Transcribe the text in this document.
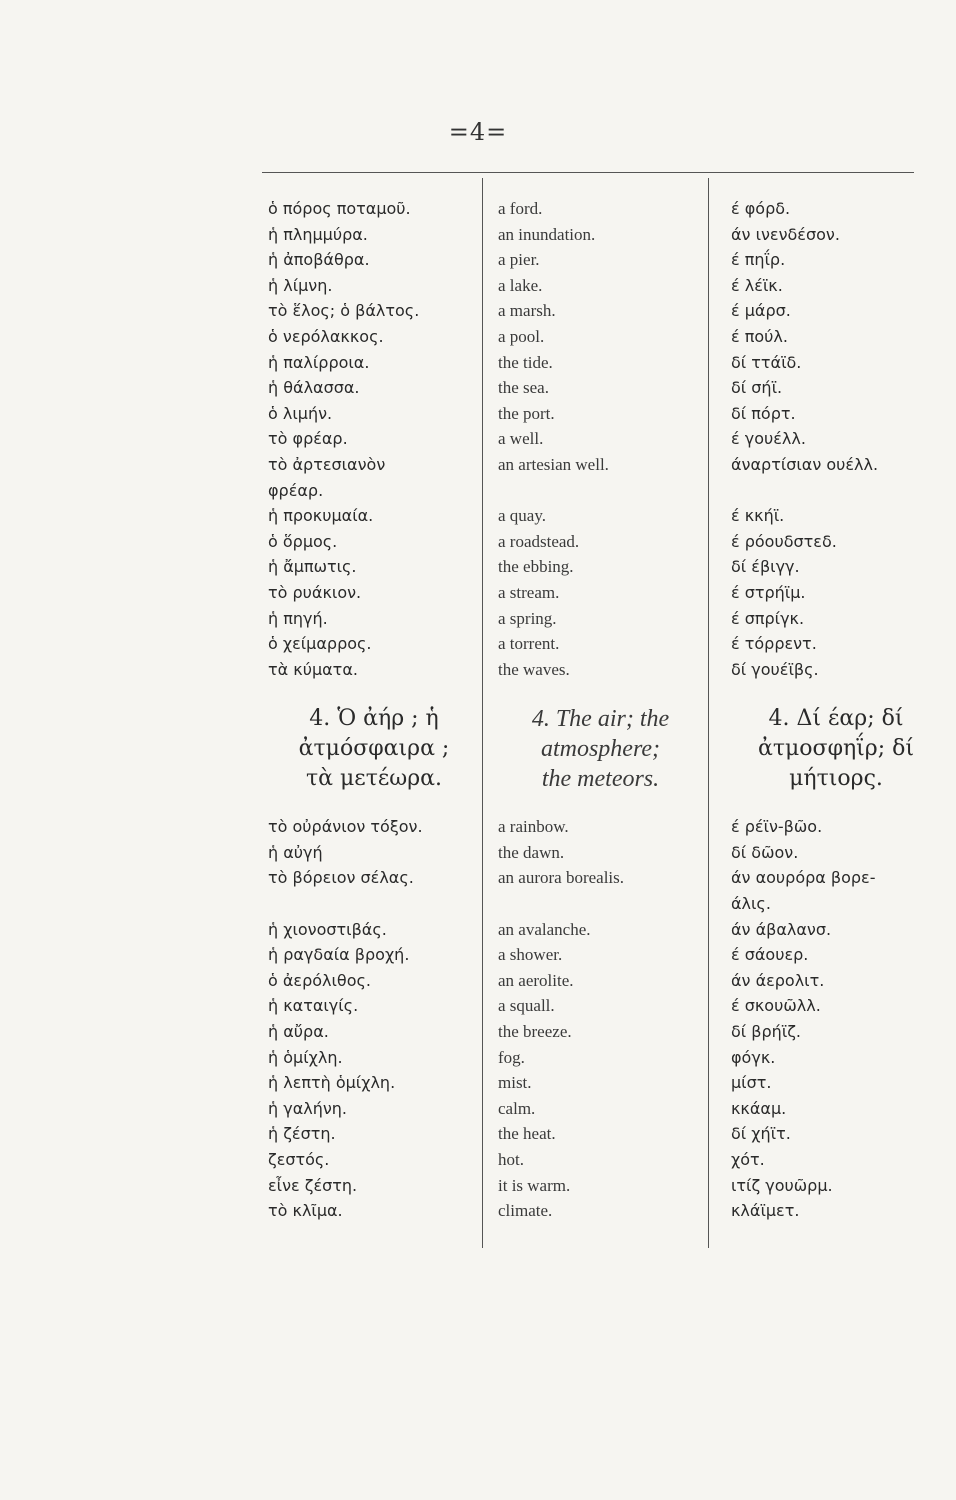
=4=
ὁ πόρος ποταμοῦ.
ἡ πλημμύρα.
ἡ ἀποβάθρα.
ἡ λίμνη.
τὸ ἕλος; ὁ βάλτος.
ὁ νερόλακκος.
ἡ παλίρροια.
ἡ θάλασσα.
ὁ λιμήν.
τὸ φρέαρ.
τὸ ἀρτεσιανὸν
φρέαρ.
ἡ προκυμαία.
ὁ ὅρμος.
ἡ ἄμπωτις.
τὸ ρυάκιον.
ἡ πηγή.
ὁ χείμαρρος.
τὰ κύματα.
4. Ὁ ἀήρ ; ἡ
ἀτμόσφαιρα ;
τὰ μετέωρα.
τὸ οὐράνιον τόξον.
ἡ αὐγή
τὸ βόρειον σέλας.
ἡ χιονοστιβάς.
ἡ ραγδαία βροχή.
ὁ ἀερόλιθος.
ἡ καταιγίς.
ἡ αὔρα.
ἡ ὁμίχλη.
ἡ λεπτὴ ὁμίχλη.
ἡ γαλήνη.
ἡ ζέστη.
ζεστός.
εἶνε ζέστη.
τὸ κλῖμα.
a ford.
an inundation.
a pier.
a lake.
a marsh.
a pool.
the tide.
the sea.
the port.
a well.
an artesian well.
a quay.
a roadstead.
the ebbing.
a stream.
a spring.
a torrent.
the waves.
4. The air; the
atmosphere;
the meteors.
a rainbow.
the dawn.
an aurora borealis.
an avalanche.
a shower.
an aerolite.
a squall.
the breeze.
fog.
mist.
calm.
the heat.
hot.
it is warm.
climate.
έ φόρδ.
άν ινενδέσον.
έ πηΐρ.
έ λέϊκ.
έ μάρσ.
έ πούλ.
δί ττάϊδ.
δί σήϊ.
δί πόρτ.
έ γουέλλ.
άναρτίσιαν ουέλλ.
έ κκήϊ.
έ ρόουδστεδ.
δί έβιγγ.
έ στρήϊμ.
έ σπρίγκ.
έ τόρρεντ.
δί γουέϊβς.
4. Δί έαρ; δί
ἀτμοσφηΐρ; δί
μήτιορς.
έ ρέϊν-βῶο.
δί δῶον.
άν αουρόρα βορε-
άλις.
άν άβαλανσ.
έ σάουερ.
άν άερολιτ.
έ σκουῶλλ.
δί βρήϊζ.
φόγκ.
μίστ.
κκάαμ.
δί χήϊτ.
χότ.
ιτίζ γουῶρμ.
κλάϊμετ.
